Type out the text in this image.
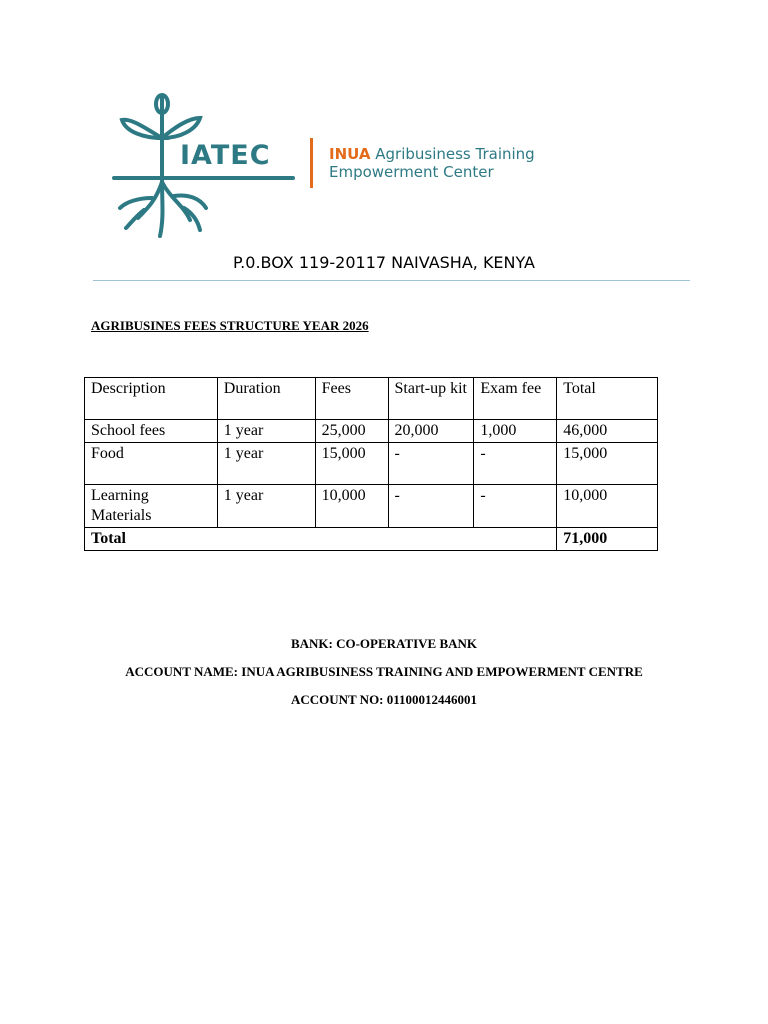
IATEC	INUA Agribusiness Training
Empowerment Center
P.0.BOX 119-20117 NAIVASHA, KENYA
AGRIBUSINES FEES STRUCTURE YEAR 2026
Description	Duration	Fees	Start-up kit	Exam fee	Total
School fees	1 year	25,000	20,000	1,000	46,000
Food	1 year	15,000	-	-	15,000
Learning Materials	1 year	10,000	-	-	10,000
Total					71,000
BANK: CO-OPERATIVE BANK
ACCOUNT NAME: INUA AGRIBUSINESS TRAINING AND EMPOWERMENT CENTRE
ACCOUNT NO: 01100012446001
